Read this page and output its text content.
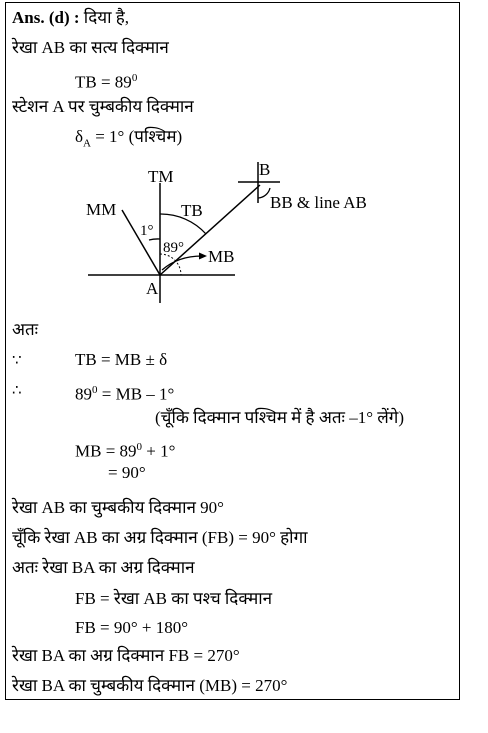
Ans. (d) : दिया है,
रेखा AB का सत्य दिक्मान
TB = $89^0$
स्टेशन A पर चुम्बकीय दिक्मान
$\delta_A = 1^\circ$ (पश्चिम)
TM
MM	TB
B
BB & line AB
1°
89° MB
A
अतः
∵	TB = MB ± δ
∴	$89^0$ = MB – 1°
(चूँकि दिक्मान पश्चिम में है अतः –1° लेंगे)
MB = $89^0 + 1^\circ$
= 90°
रेखा AB का चुम्बकीय दिक्मान 90°
चूँकि रेखा AB का अग्र दिक्मान (FB) = 90° होगा
अतः रेखा BA का अग्र दिक्मान
FB = रेखा AB का पश्च दिक्मान
FB = 90° + 180°
रेखा BA का अग्र दिक्मान FB = 270°
रेखा BA का चुम्बकीय दिक्मान (MB) = 270°
